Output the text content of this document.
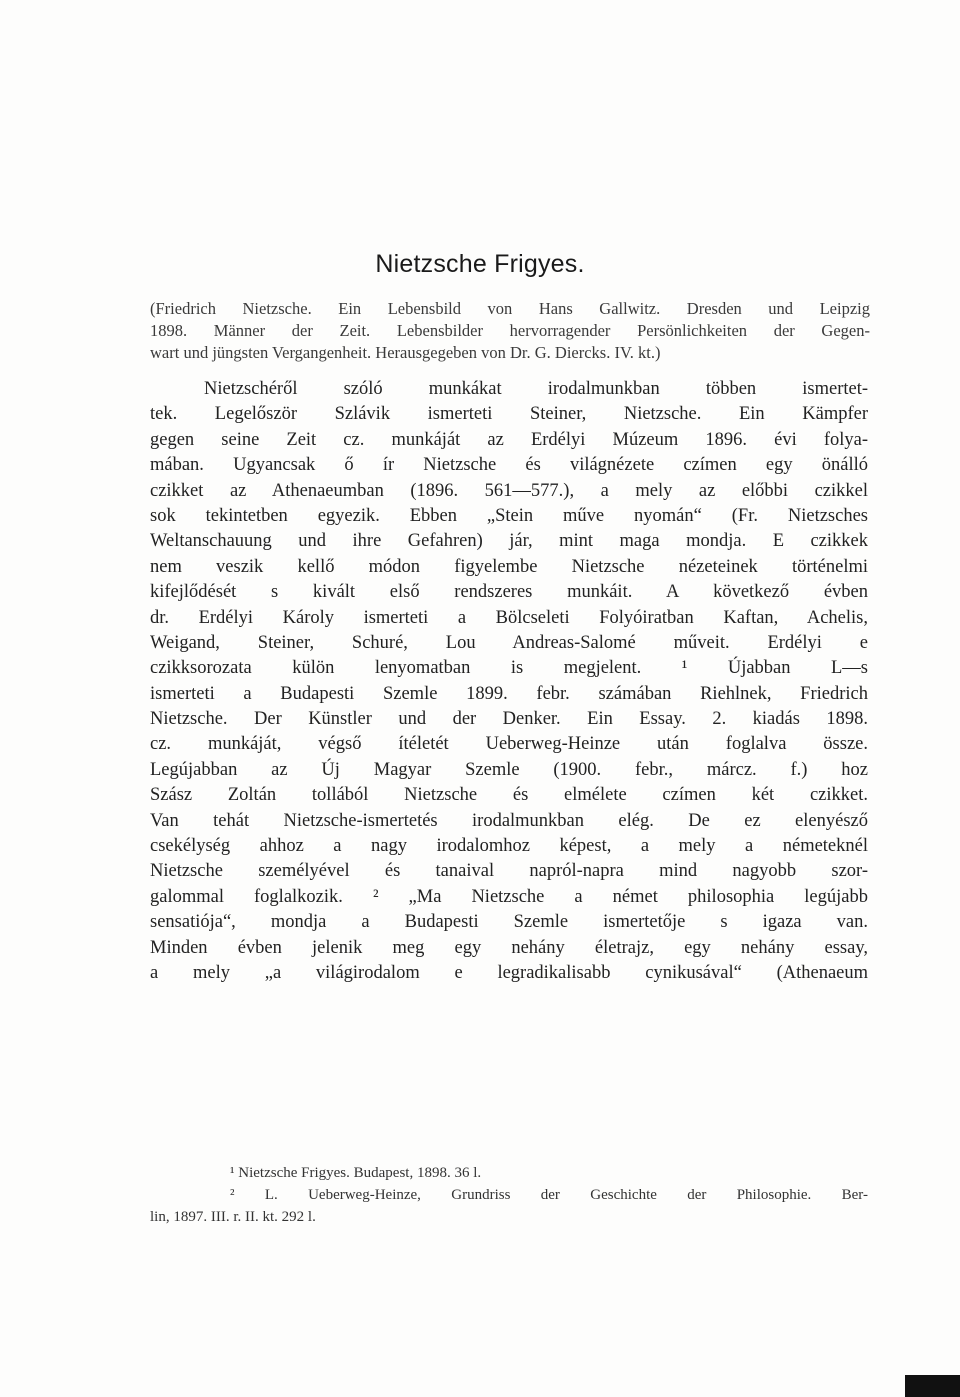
Nietzsche Frigyes.
(Friedrich Nietzsche. Ein Lebensbild von Hans Gallwitz. Dresden und Leipzig
1898. Männer der Zeit. Lebensbilder hervorragender Persönlichkeiten der Gegen-
wart und jüngsten Vergangenheit. Herausgegeben von Dr. G. Diercks. IV. kt.)
Nietzschéről szóló munkákat irodalmunkban többen ismertet-
tek. Legelőször Szlávik ismerteti Steiner, Nietzsche. Ein Kämpfer
gegen seine Zeit cz. munkáját az Erdélyi Múzeum 1896. évi folya-
mában. Ugyancsak ő ír Nietzsche és világnézete czímen egy önálló
czikket az Athenaeumban (1896. 561—577.), a mely az előbbi czikkel
sok tekintetben egyezik. Ebben „Stein műve nyomán“ (Fr. Nietzsches
Weltanschauung und ihre Gefahren) jár, mint maga mondja. E czikkek
nem veszik kellő módon figyelembe Nietzsche nézeteinek történelmi
kifejlődését s kivált első rendszeres munkáit. A következő évben
dr. Erdélyi Károly ismerteti a Bölcseleti Folyóiratban Kaftan, Achelis,
Weigand, Steiner, Schuré, Lou Andreas-Salomé műveit. Erdélyi e
czikksorozata külön lenyomatban is megjelent. ¹ Újabban L—s
ismerteti a Budapesti Szemle 1899. febr. számában Riehlnek, Friedrich
Nietzsche. Der Künstler und der Denker. Ein Essay. 2. kiadás 1898.
cz. munkáját, végső ítéletét Ueberweg-Heinze után foglalva össze.
Legújabban az Új Magyar Szemle (1900. febr., márcz. f.) hoz
Szász Zoltán tollából Nietzsche és elmélete czímen két czikket.
Van tehát Nietzsche-ismertetés irodalmunkban elég. De ez elenyésző
csekélység ahhoz a nagy irodalomhoz képest, a mely a németeknél
Nietzsche személyével és tanaival napról-napra mind nagyobb szor-
galommal foglalkozik. ² „Ma Nietzsche a német philosophia legújabb
sensatiója“, mondja a Budapesti Szemle ismertetője s igaza van.
Minden évben jelenik meg egy nehány életrajz, egy nehány essay,
a mely „a világirodalom e legradikalisabb cynikusával“ (Athenaeum
¹ Nietzsche Frigyes. Budapest, 1898. 36 l.
² L. Ueberweg-Heinze, Grundriss der Geschichte der Philosophie. Ber-
lin, 1897. III. r. II. kt. 292 l.
